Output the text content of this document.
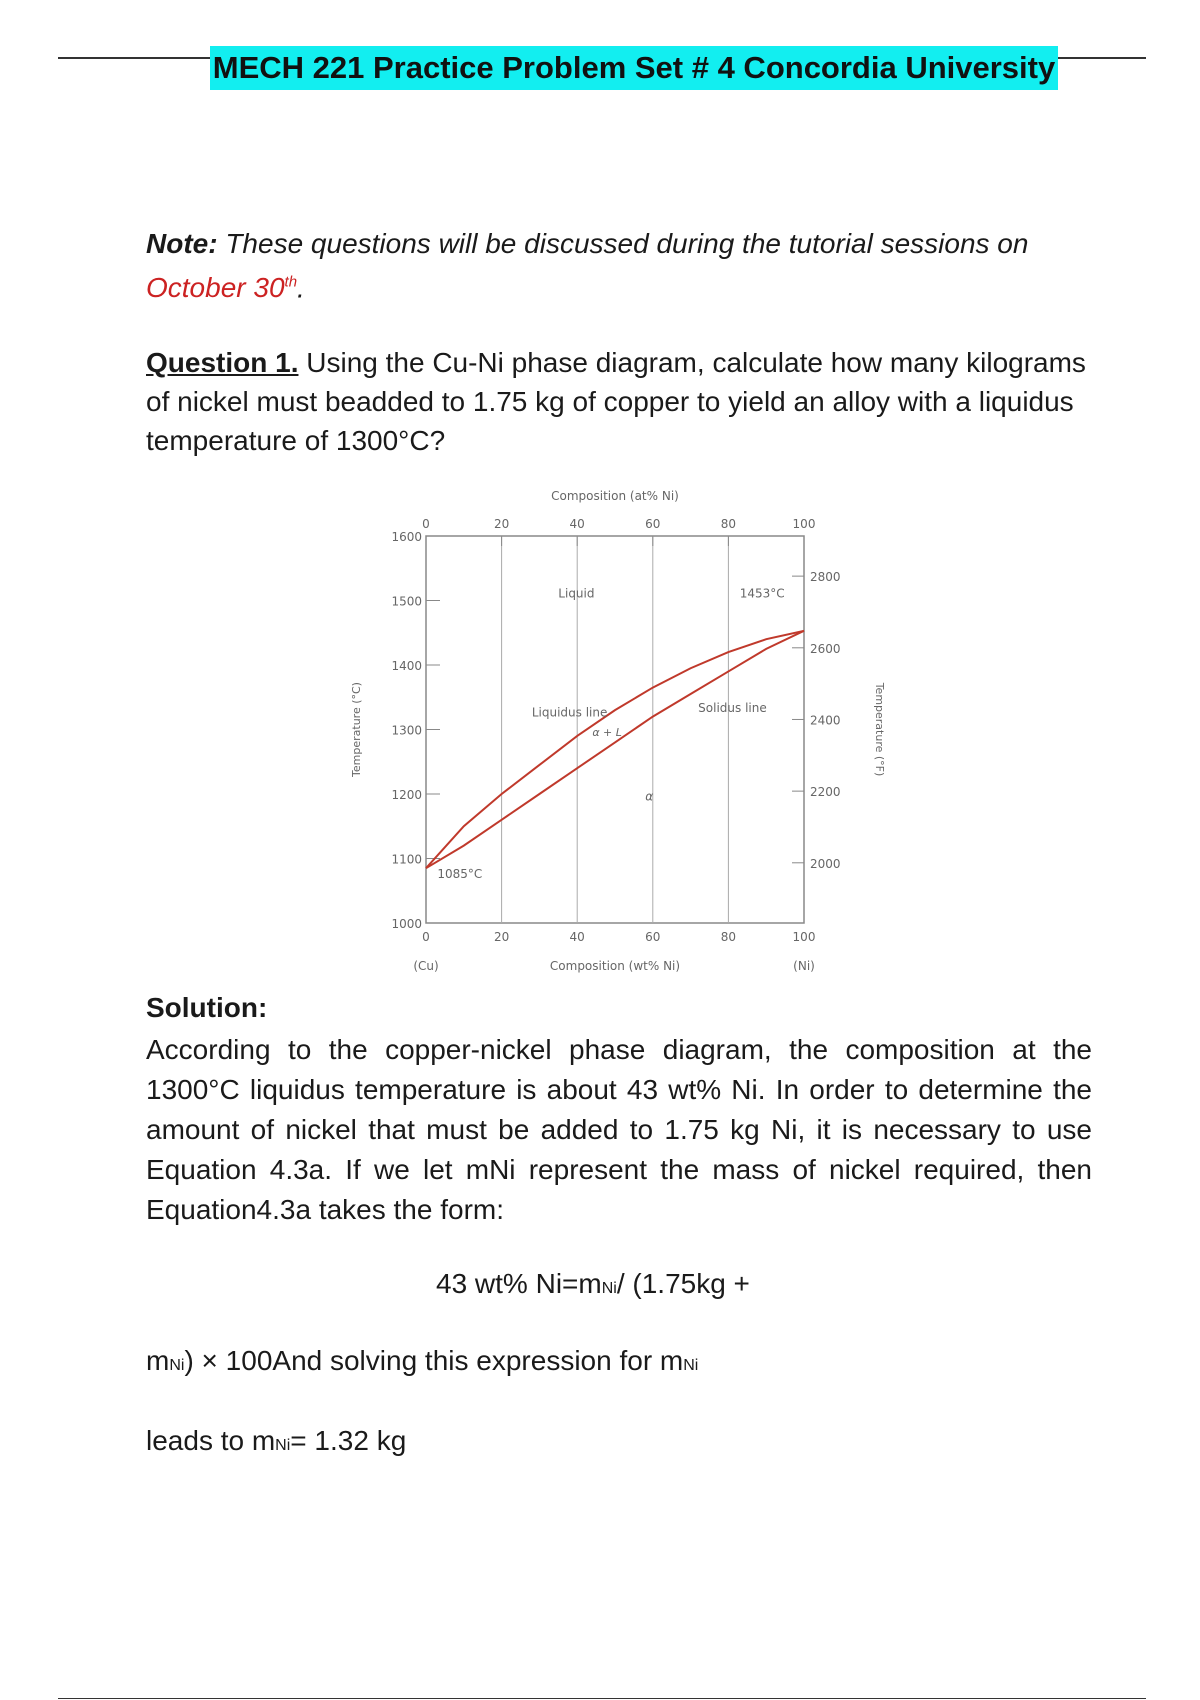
MECH 221 Practice Problem Set # 4 Concordia University
Note: These questions will be discussed during the tutorial sessions on October 30th.
Question 1. Using the Cu-Ni phase diagram, calculate how many kilograms of nickel must beadded to 1.75 kg of copper to yield an alloy with a liquidus temperature of 1300°C?
1000
1100
1200
1300
1400
1500
1600
2000
2200
2400
2600
2800
0	20	40	60	80	100
0	20	40	60	80	100
Composition (at% Ni)
Composition (wt% Ni)
(Cu)	(Ni)
Temperature (°C)	Temperature (°F)
Liquid
Liquidus line	Solidus line
α + L
α
1085°C
1453°C
Solution:
According to the copper-nickel phase diagram, the composition at the 1300°C liquidus temperature is about 43 wt% Ni. In order to determine the amount of nickel that must be added to 1.75 kg Ni, it is necessary to use Equation 4.3a. If we let mNi represent the mass of nickel required, then Equation4.3a takes the form:
43 wt% Ni=mNi/ (1.75kg +
mNi) × 100And solving this expression for mNi
leads to mNi= 1.32 kg
